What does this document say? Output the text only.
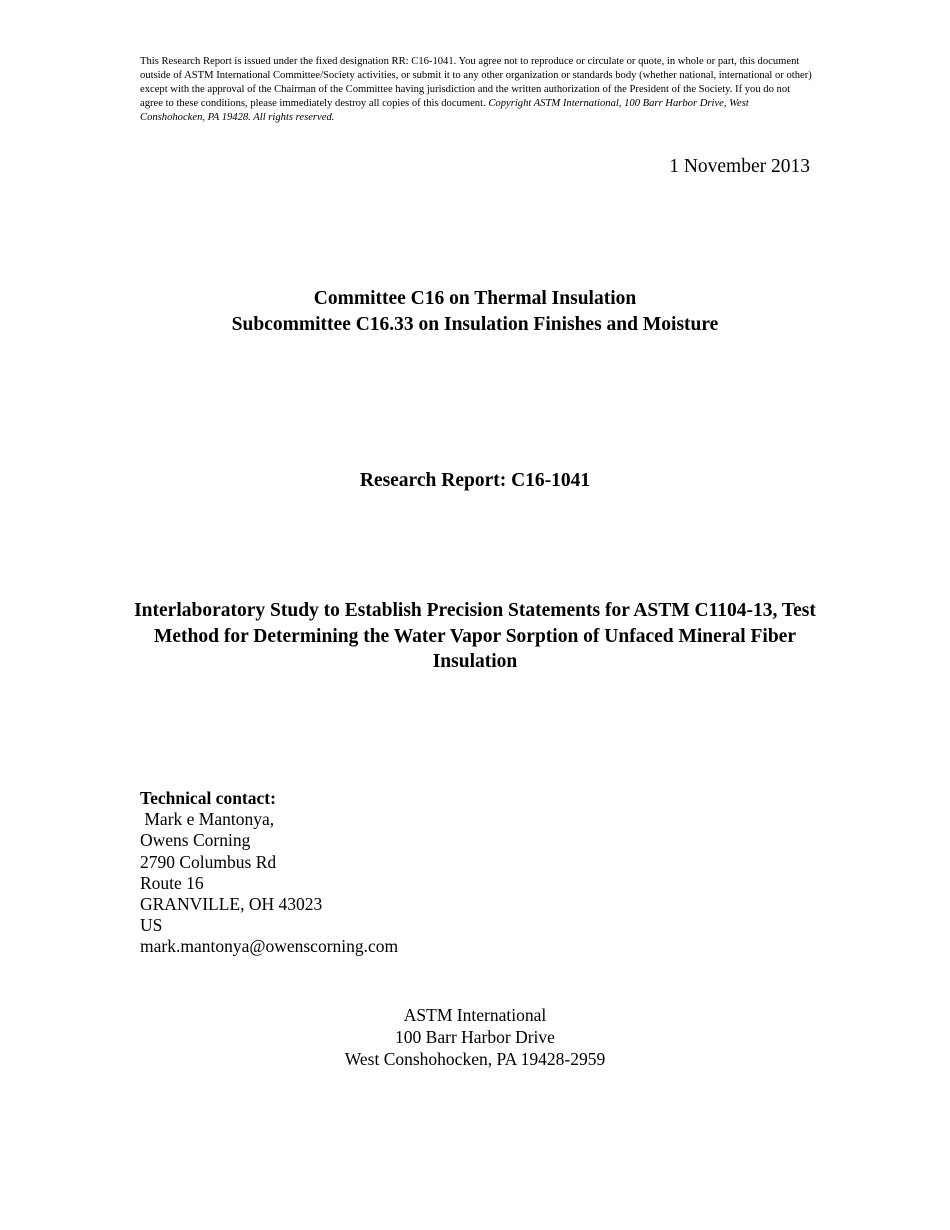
This Research Report is issued under the fixed designation RR: C16-1041. You agree not to reproduce or circulate or quote, in whole or part, this document outside of ASTM International Committee/Society activities, or submit it to any other organization or standards body (whether national, international or other) except with the approval of the Chairman of the Committee having jurisdiction and the written authorization of the President of the Society. If you do not agree to these conditions, please immediately destroy all copies of this document. Copyright ASTM International, 100 Barr Harbor Drive, West Conshohocken, PA 19428. All rights reserved.
1 November 2013
Committee C16 on Thermal Insulation
Subcommittee C16.33 on Insulation Finishes and Moisture
Research Report: C16-1041
Interlaboratory Study to Establish Precision Statements for ASTM C1104-13, Test Method for Determining the Water Vapor Sorption of Unfaced Mineral Fiber Insulation
Technical contact:
Mark e Mantonya,
Owens Corning
2790 Columbus Rd
Route 16
GRANVILLE, OH 43023
US
mark.mantonya@owenscorning.com
ASTM International
100 Barr Harbor Drive
West Conshohocken, PA 19428-2959
